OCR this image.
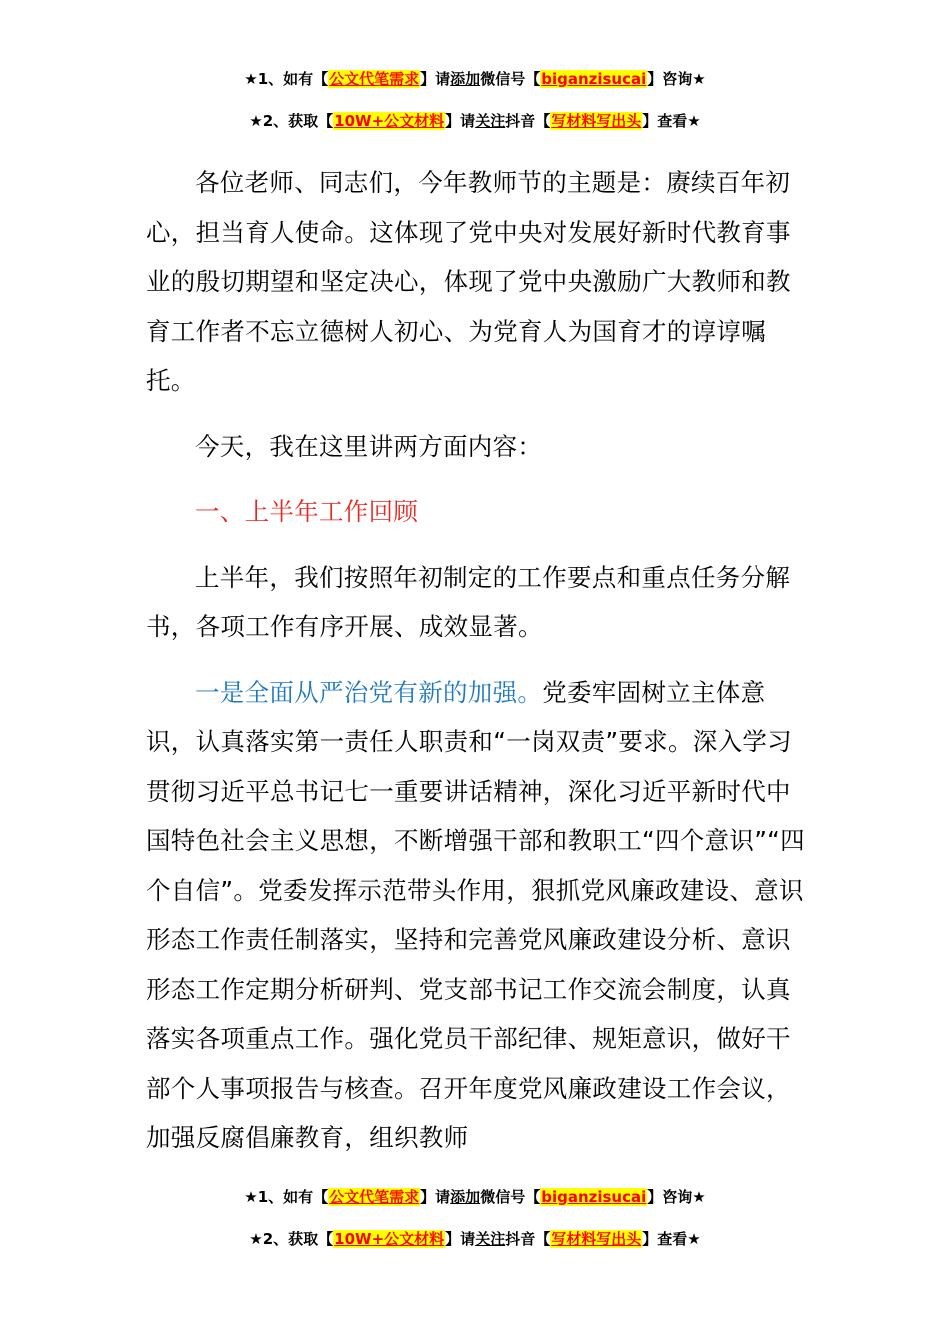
★1、如有【公文代笔需求】请添加微信号【biganzisucai】咨询★
★2、获取【10W+公文材料】请关注抖音【写材料写出头】查看★

各位老师、同志们，今年教师节的主题是：赓续百年初心，担当育人使命。这体现了党中央对发展好新时代教育事业的殷切期望和坚定决心，体现了党中央激励广大教师和教育工作者不忘立德树人初心、为党育人为国育才的谆谆嘱托。

今天，我在这里讲两方面内容：

一、上半年工作回顾

上半年，我们按照年初制定的工作要点和重点任务分解书，各项工作有序开展、成效显著。

一是全面从严治党有新的加强。党委牢固树立主体意识，认真落实第一责任人职责和“一岗双责”要求。深入学习贯彻习近平总书记七一重要讲话精神，深化习近平新时代中国特色社会主义思想，不断增强干部和教职工“四个意识”“四个自信”。党委发挥示范带头作用，狠抓党风廉政建设、意识形态工作责任制落实，坚持和完善党风廉政建设分析、意识形态工作定期分析研判、党支部书记工作交流会制度，认真落实各项重点工作。强化党员干部纪律、规矩意识，做好干部个人事项报告与核查。召开年度党风廉政建设工作会议，加强反腐倡廉教育，组织教师

★1、如有【公文代笔需求】请添加微信号【biganzisucai】咨询★
★2、获取【10W+公文材料】请关注抖音【写材料写出头】查看★
